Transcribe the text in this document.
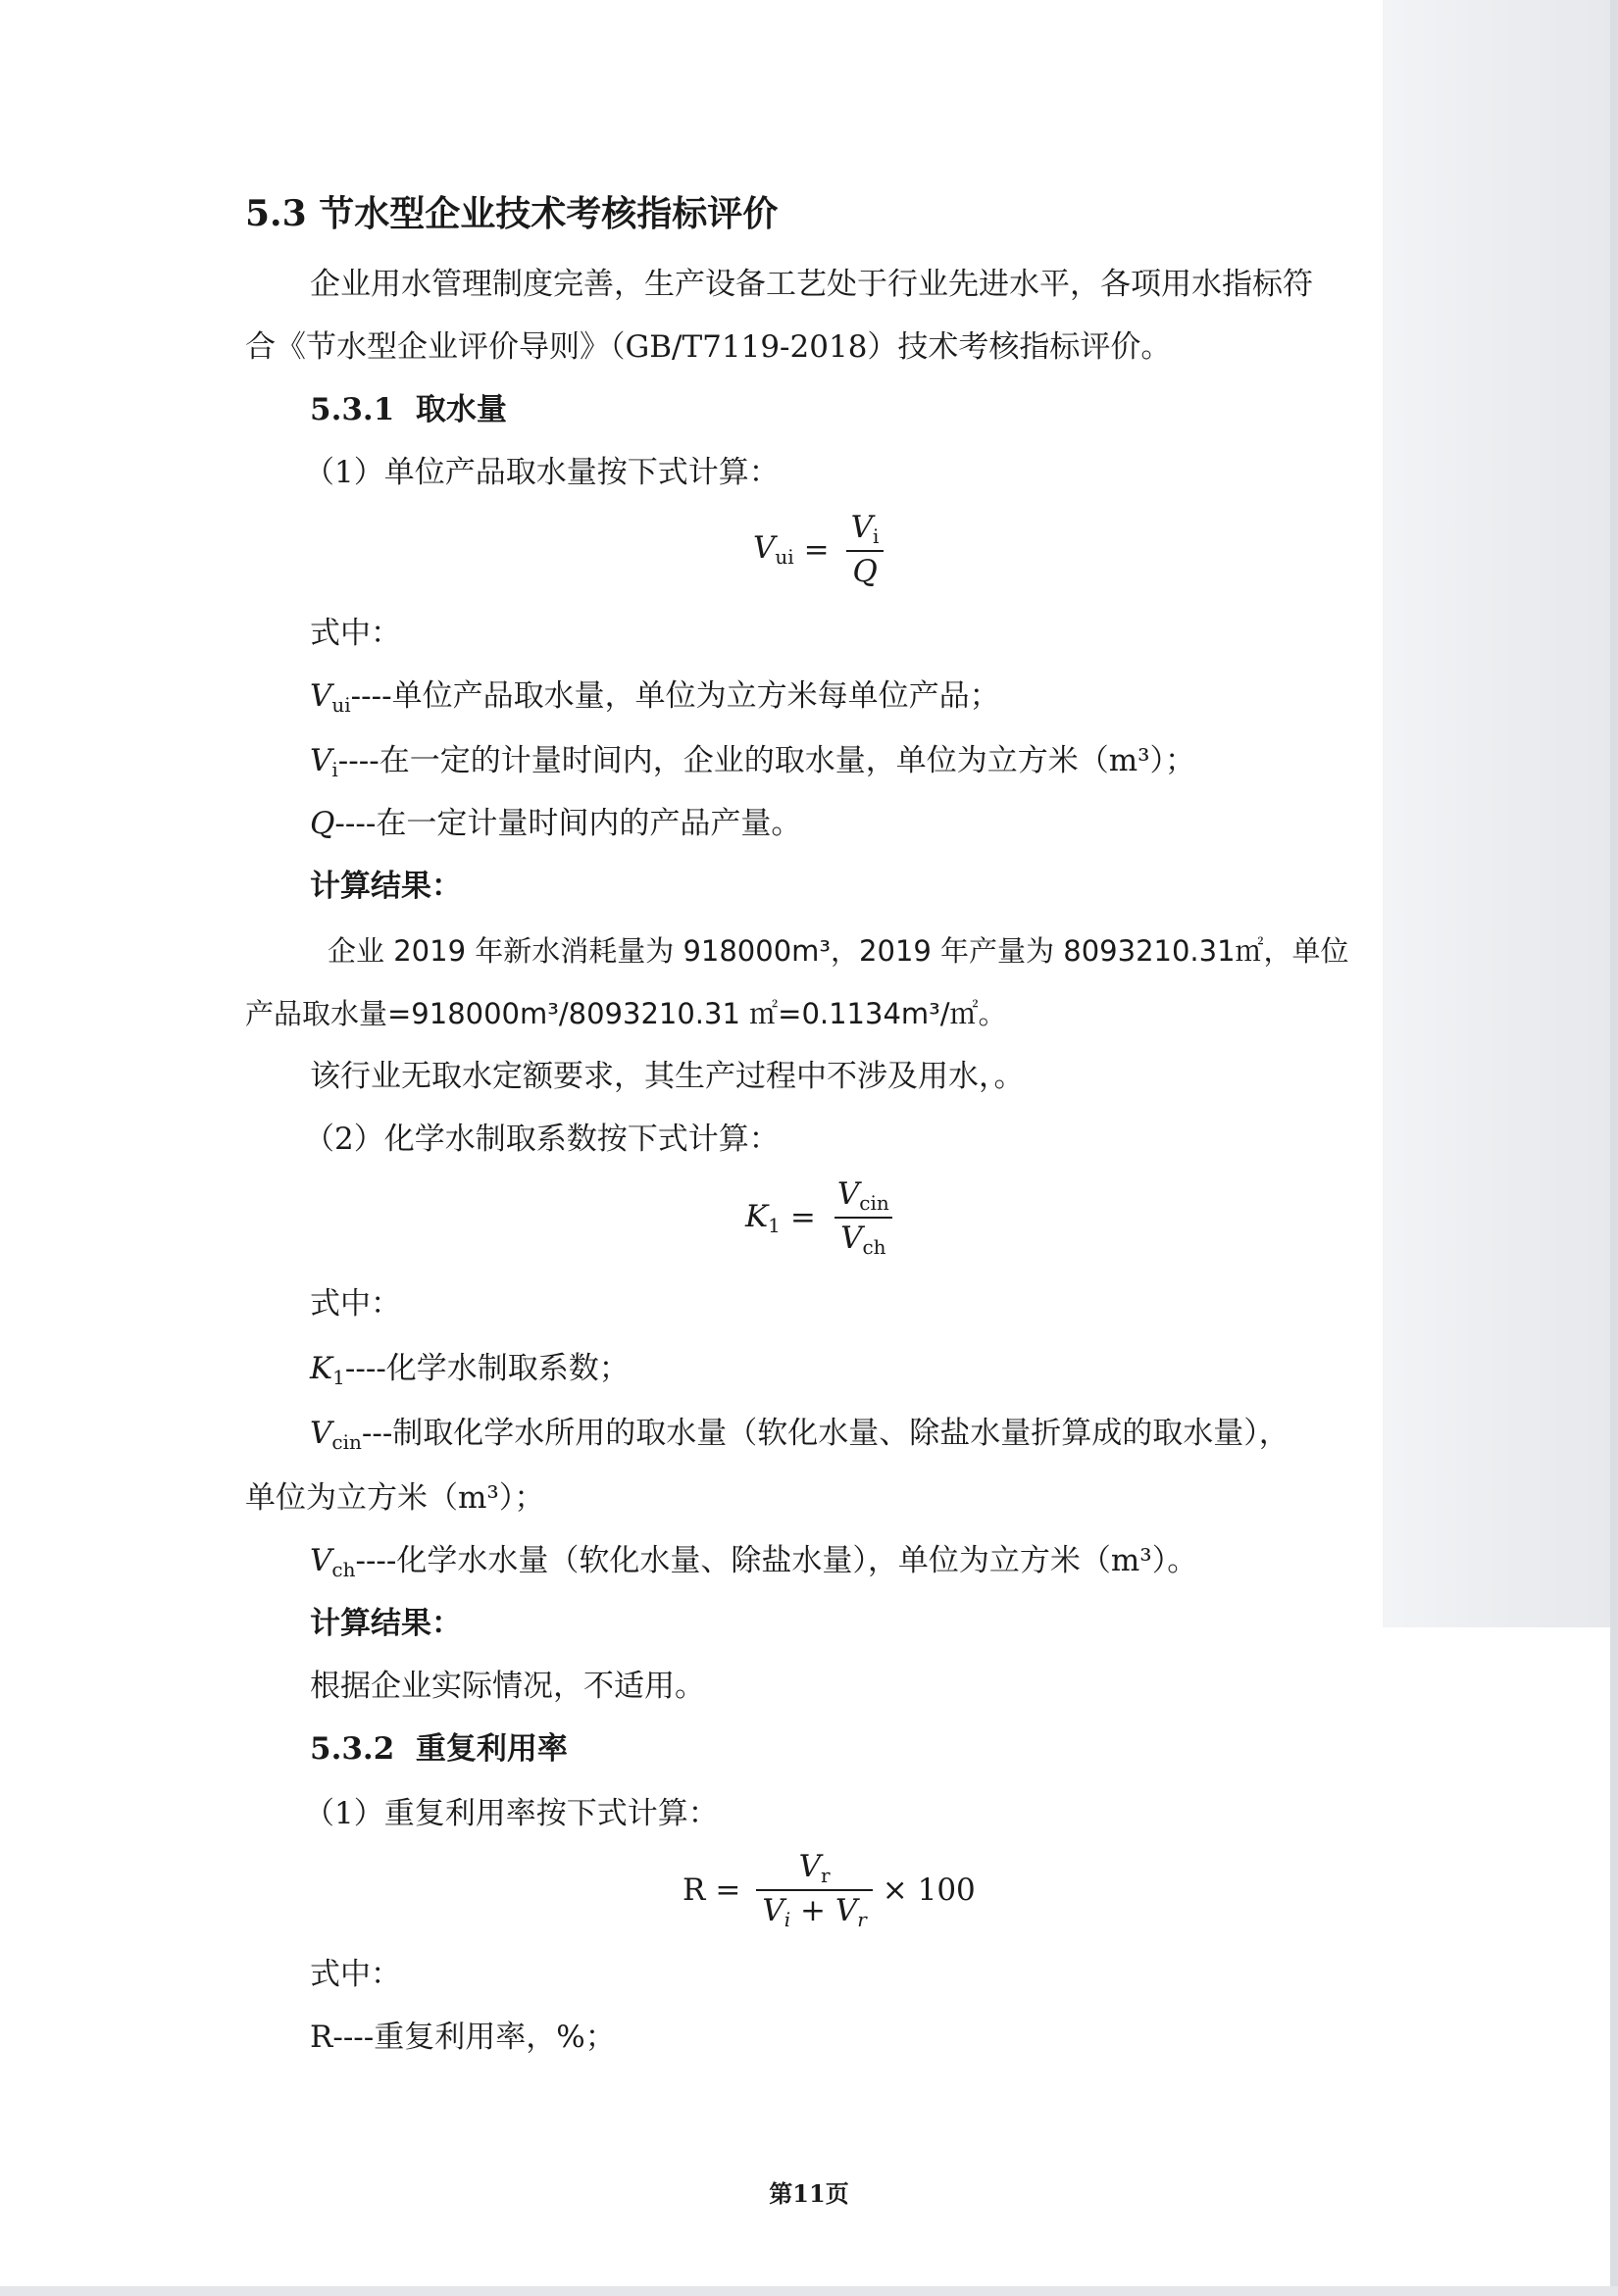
5.3 节水型企业技术考核指标评价
企业用水管理制度完善，生产设备工艺处于行业先进水平，各项用水指标符
合《节水型企业评价导则》（GB/T7119-2018）技术考核指标评价。
5.3.1 取水量
（1）单位产品取水量按下式计算：
$V_{ui} = \frac{V_i}{Q}$
式中：
$V_{ui}----$单位产品取水量，单位为立方米每单位产品；
$V_i----$在一定的计量时间内，企业的取水量，单位为立方米（m³）；
Q----在一定计量时间内的产品产量。
计算结果：
企业 2019 年新水消耗量为 918000m³，2019 年产量为 8093210.31㎡，单位
产品取水量=918000m³/8093210.31 ㎡=0.1134m³/㎡。
该行业无取水定额要求，其生产过程中不涉及用水，。
（2）化学水制取系数按下式计算：
$K_1 = \frac{V_{cin}}{V_{ch}}$
式中：
$K_1----$化学水制取系数；
$V_{cin}---$制取化学水所用的取水量（软化水量、除盐水量折算成的取水量），
单位为立方米（m³）；
$V_{ch}----$化学水水量（软化水量、除盐水量），单位为立方米（m³）。
计算结果：
根据企业实际情况，不适用。
5.3.2 重复利用率
（1）重复利用率按下式计算：
$R = \frac{V_r}{V_i + V_r} \times 100$
式中：
R----重复利用率，%；
第11页
